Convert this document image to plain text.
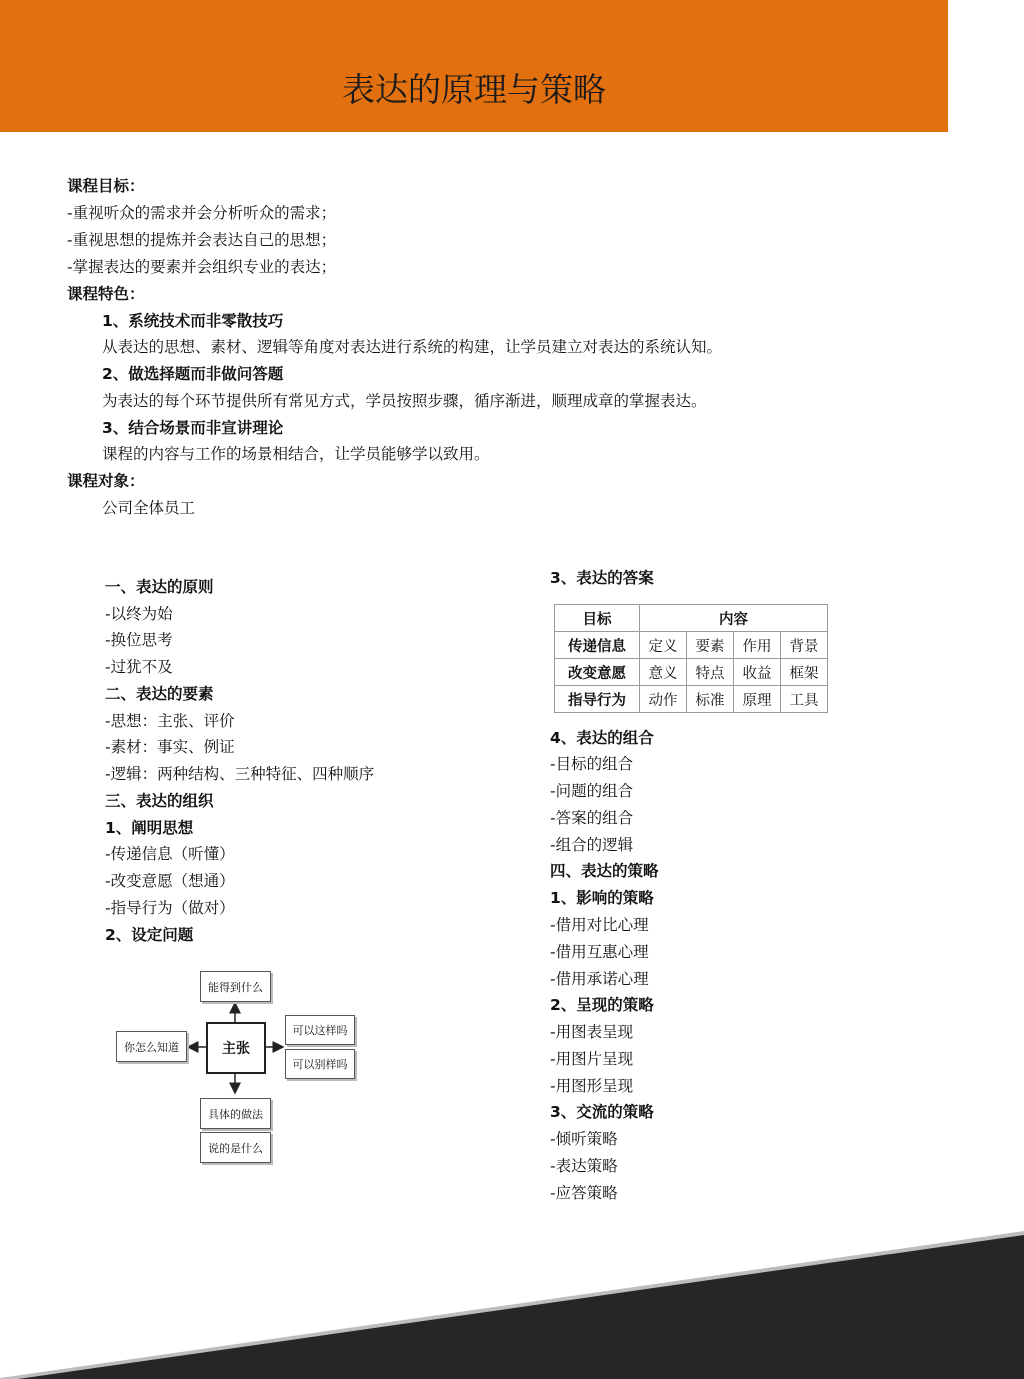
表达的原理与策略
课程目标：
-重视听众的需求并会分析听众的需求；
-重视思想的提炼并会表达自己的思想；
-掌握表达的要素并会组织专业的表达；
课程特色：
1、系统技术而非零散技巧
从表达的思想、素材、逻辑等角度对表达进行系统的构建，让学员建立对表达的系统认知。
2、做选择题而非做问答题
为表达的每个环节提供所有常见方式，学员按照步骤，循序渐进，顺理成章的掌握表达。
3、结合场景而非宣讲理论
课程的内容与工作的场景相结合，让学员能够学以致用。
课程对象：
公司全体员工
一、表达的原则
-以终为始
-换位思考
-过犹不及
二、表达的要素
-思想：主张、评价
-素材：事实、例证
-逻辑：两种结构、三种特征、四种顺序
三、表达的组织
1、阐明思想
-传递信息（听懂）
-改变意愿（想通）
-指导行为（做对）
2、设定问题
能得到什么
主张
你怎么知道
可以这样吗
可以别样吗
具体的做法
说的是什么
3、表达的答案
目标	内容			
传递信息	定义	要素	作用	背景
改变意愿	意义	特点	收益	框架
指导行为	动作	标准	原理	工具
4、表达的组合
-目标的组合
-问题的组合
-答案的组合
-组合的逻辑
四、表达的策略
1、影响的策略
-借用对比心理
-借用互惠心理
-借用承诺心理
2、呈现的策略
-用图表呈现
-用图片呈现
-用图形呈现
3、交流的策略
-倾听策略
-表达策略
-应答策略
